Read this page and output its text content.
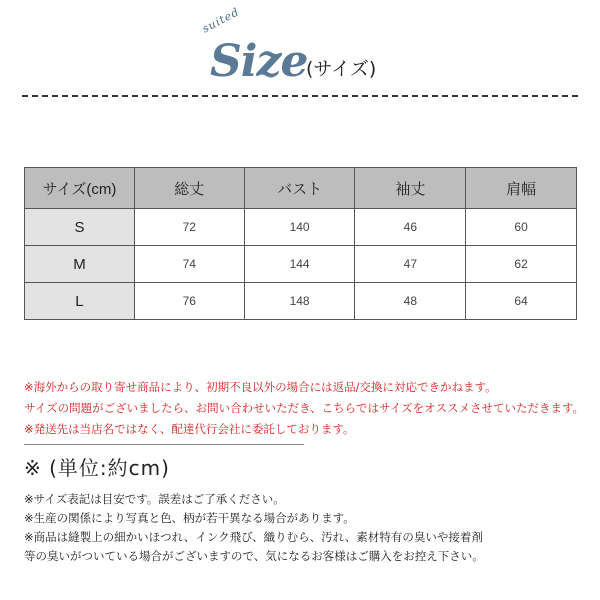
suited
Size
(サイズ)
サイズ(cm)	総丈	バスト	袖丈	肩幅
S	72	140	46	60
M	74	144	47	62
L	76	148	48	64
※海外からの取り寄せ商品により、初期不良以外の場合には返品/交換に対応できかねます。
サイズの問題がございましたら、お問い合わせいただき、こちらではサイズをオススメさせていただきます。
※発送先は当店名ではなく、配達代行会社に委託しております。
※ (単位:約cm)
※サイズ表記は目安です。誤差はご了承ください。
※生産の関係により写真と色、柄が若干異なる場合があります。
※商品は縫製上の細かいほつれ、インク飛び、織りむら、汚れ、素材特有の臭いや接着剤
等の臭いがついている場合がございますので、気になるお客様はご購入をお控え下さい。
